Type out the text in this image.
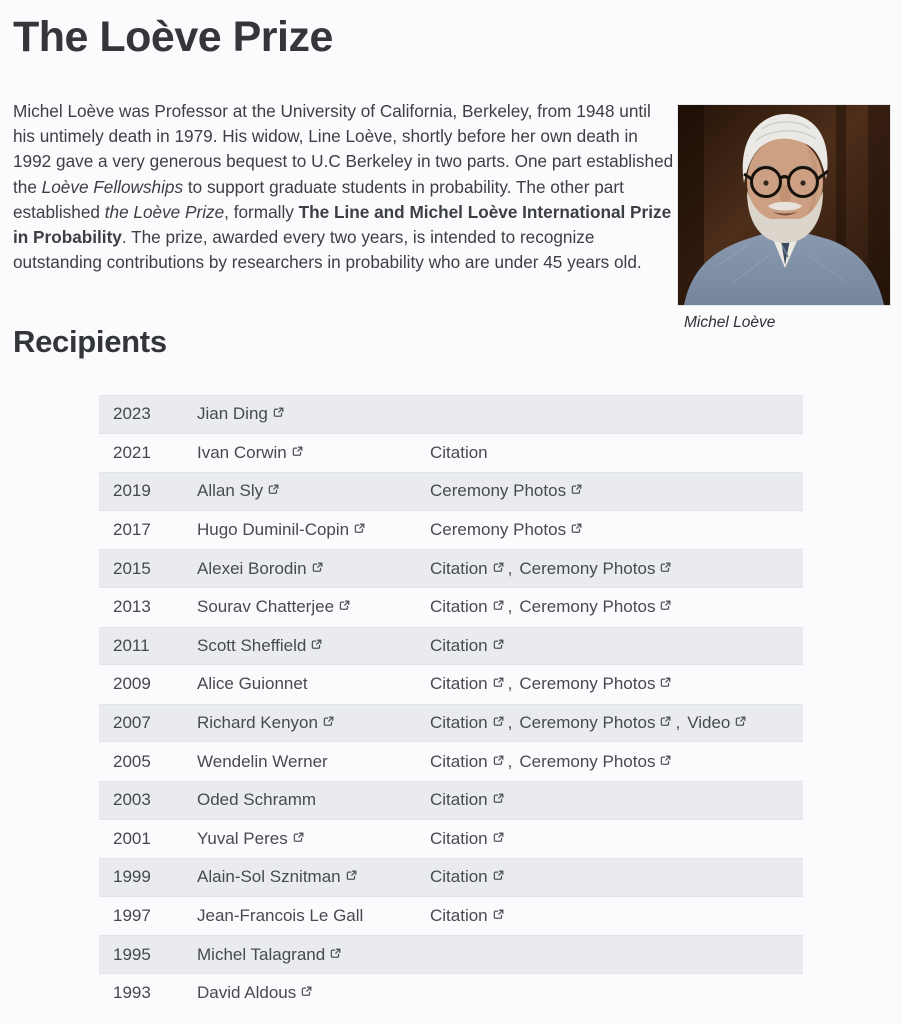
The Loève Prize

Michel Loève was Professor at the University of California, Berkeley, from 1948 until his untimely death in 1979. His widow, Line Loève, shortly before her own death in 1992 gave a very generous bequest to U.C Berkeley in two parts. One part established the Loève Fellowships to support graduate students in probability. The other part established the Loève Prize, formally The Line and Michel Loève International Prize in Probability. The prize, awarded every two years, is intended to recognize outstanding contributions by researchers in probability who are under 45 years old.

Michel Loève
Recipients
2023	Jian Ding
2021	Ivan Corwin	Citation
2019	Allan Sly	Ceremony Photos
2017	Hugo Duminil-Copin	Ceremony Photos
2015	Alexei Borodin	Citation , Ceremony Photos
2013	Sourav Chatterjee	Citation , Ceremony Photos
2011	Scott Sheffield	Citation
2009	Alice Guionnet	Citation , Ceremony Photos
2007	Richard Kenyon	Citation , Ceremony Photos , Video
2005	Wendelin Werner	Citation , Ceremony Photos
2003	Oded Schramm	Citation
2001	Yuval Peres	Citation
1999	Alain-Sol Sznitman	Citation
1997	Jean-Francois Le Gall	Citation
1995	Michel Talagrand
1993	David Aldous
